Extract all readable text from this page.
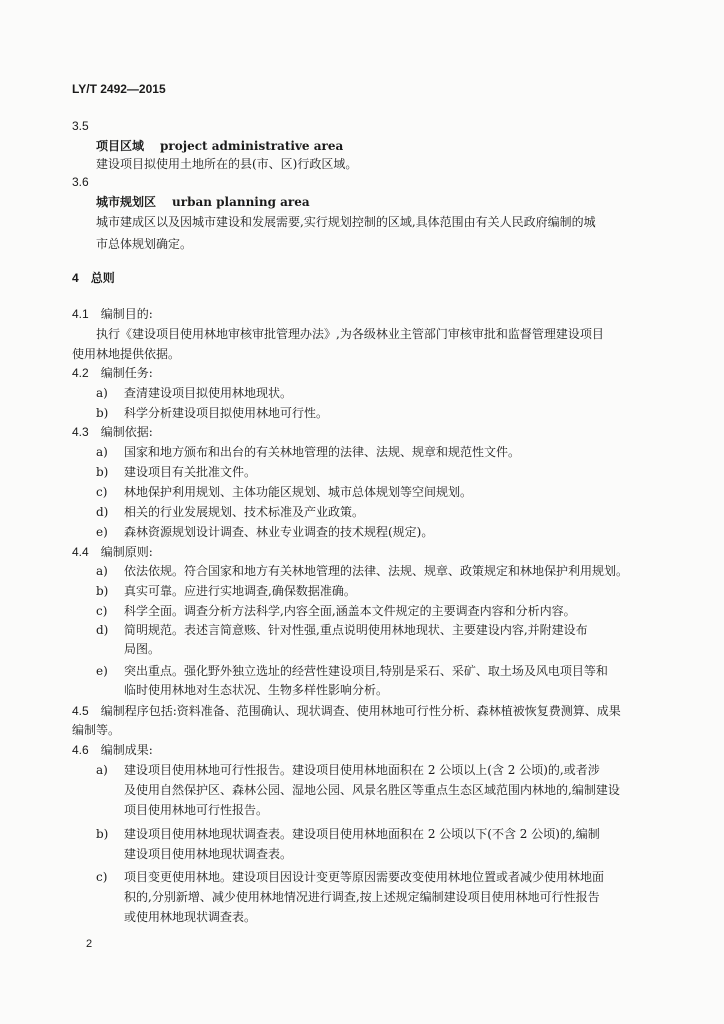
LY/T 2492—2015
3.5
项目区域 project administrative area
建设项目拟使用土地所在的县(市、区)行政区域。
3.6
城市规划区 urban planning area
城市建成区以及因城市建设和发展需要,实行规划控制的区域,具体范围由有关人民政府编制的城
市总体规划确定。
4 总则
4.1 编制目的:
执行《建设项目使用林地审核审批管理办法》,为各级林业主管部门审核审批和监督管理建设项目
使用林地提供依据。
4.2 编制任务:
a) 查清建设项目拟使用林地现状。
b) 科学分析建设项目拟使用林地可行性。
4.3 编制依据:
a) 国家和地方颁布和出台的有关林地管理的法律、法规、规章和规范性文件。
b) 建设项目有关批准文件。
c) 林地保护利用规划、主体功能区规划、城市总体规划等空间规划。
d) 相关的行业发展规划、技术标准及产业政策。
e) 森林资源规划设计调查、林业专业调查的技术规程(规定)。
4.4 编制原则:
a) 依法依规。符合国家和地方有关林地管理的法律、法规、规章、政策规定和林地保护利用规划。
b) 真实可靠。应进行实地调查,确保数据准确。
c) 科学全面。调查分析方法科学,内容全面,涵盖本文件规定的主要调查内容和分析内容。
d) 简明规范。表述言简意赅、针对性强,重点说明使用林地现状、主要建设内容,并附建设布
局图。
e) 突出重点。强化野外独立选址的经营性建设项目,特别是采石、采矿、取土场及风电项目等和
临时使用林地对生态状况、生物多样性影响分析。
4.5 编制程序包括:资料准备、范围确认、现状调查、使用林地可行性分析、森林植被恢复费测算、成果
编制等。
4.6 编制成果:
a) 建设项目使用林地可行性报告。建设项目使用林地面积在 2 公顷以上(含 2 公顷)的,或者涉
及使用自然保护区、森林公园、湿地公园、风景名胜区等重点生态区域范围内林地的,编制建设
项目使用林地可行性报告。
b) 建设项目使用林地现状调查表。建设项目使用林地面积在 2 公顷以下(不含 2 公顷)的,编制
建设项目使用林地现状调查表。
c) 项目变更使用林地。建设项目因设计变更等原因需要改变使用林地位置或者减少使用林地面
积的,分别新增、减少使用林地情况进行调查,按上述规定编制建设项目使用林地可行性报告
或使用林地现状调查表。
2
